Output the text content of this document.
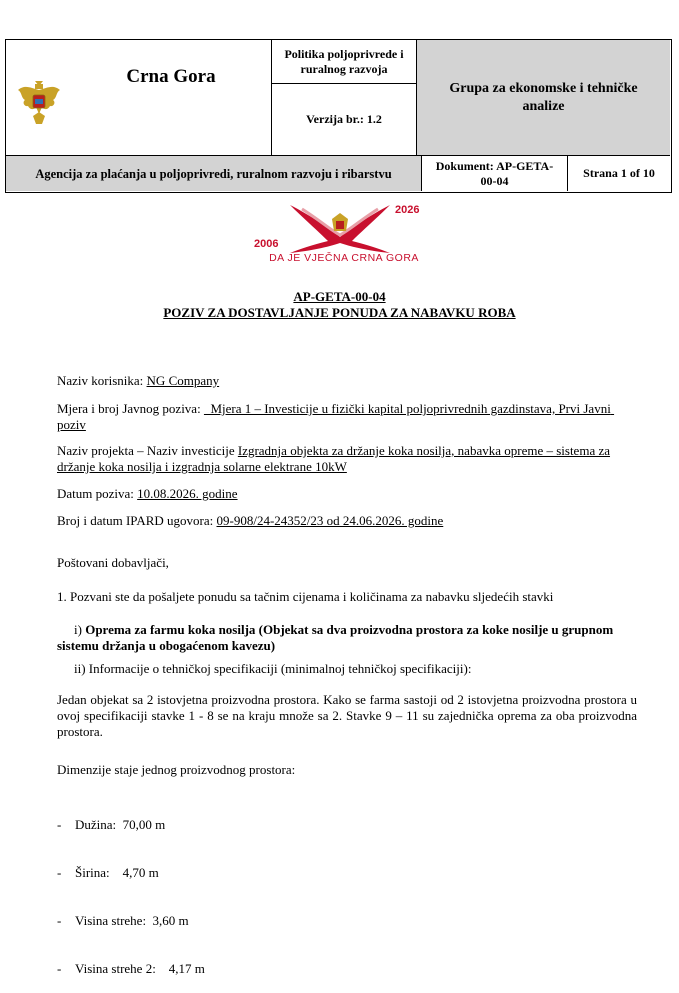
Crna Gora
Politika poljoprivrede i ruralnog razvoja
Verzija br.: 1.2
Grupa za ekonomske i tehničke analize
Agencija za plaćanja u poljoprivredi, ruralnom razvoju i ribarstvu
Dokument: AP-GETA-00-04
Strana 1 of 10
2006
2026
DA JE VJEČNA CRNA GORA
AP-GETA-00-04
POZIV ZA DOSTAVLJANJE PONUDA ZA NABAVKU ROBA
Naziv korisnika: NG Company
Mjera i broj Javnog poziva:   Mjera 1 – Investicije u fizički kapital poljoprivrednih gazdinstava, Prvi Javni poziv
Naziv projekta – Naziv investicije Izgradnja objekta za držanje koka nosilja, nabavka opreme – sistema za držanje koka nosilja i izgradnja solarne elektrane 10kW
Datum poziva: 10.08.2026. godine
Broj i datum IPARD ugovora: 09-908/24-24352/23 od 24.06.2026. godine
Poštovani dobavljači,
1. Pozvani ste da pošaljete ponudu sa tačnim cijenama i količinama za nabavku sljedećih stavki
i) Oprema za farmu koka nosilja (Objekat sa dva proizvodna prostora za koke nosilje u grupnom sistemu držanja u obogaćenom kavezu)
ii) Informacije o tehničkoj specifikaciji (minimalnoj tehničkoj specifikaciji):
Jedan objekat sa 2 istovjetna proizvodna prostora. Kako se farma sastoji od 2 istovjetna proizvodna prostora u ovoj specifikaciji stavke 1 - 8 se na kraju množe sa 2. Stavke 9 – 11 su zajednička oprema za oba proizvodna prostora.
Dimenzije staje jednog proizvodnog prostora:

- Dužina:  70,00 m

- Širina:    4,70 m

- Visina strehe:  3,60 m

- Visina strehe 2:    4,17 m
